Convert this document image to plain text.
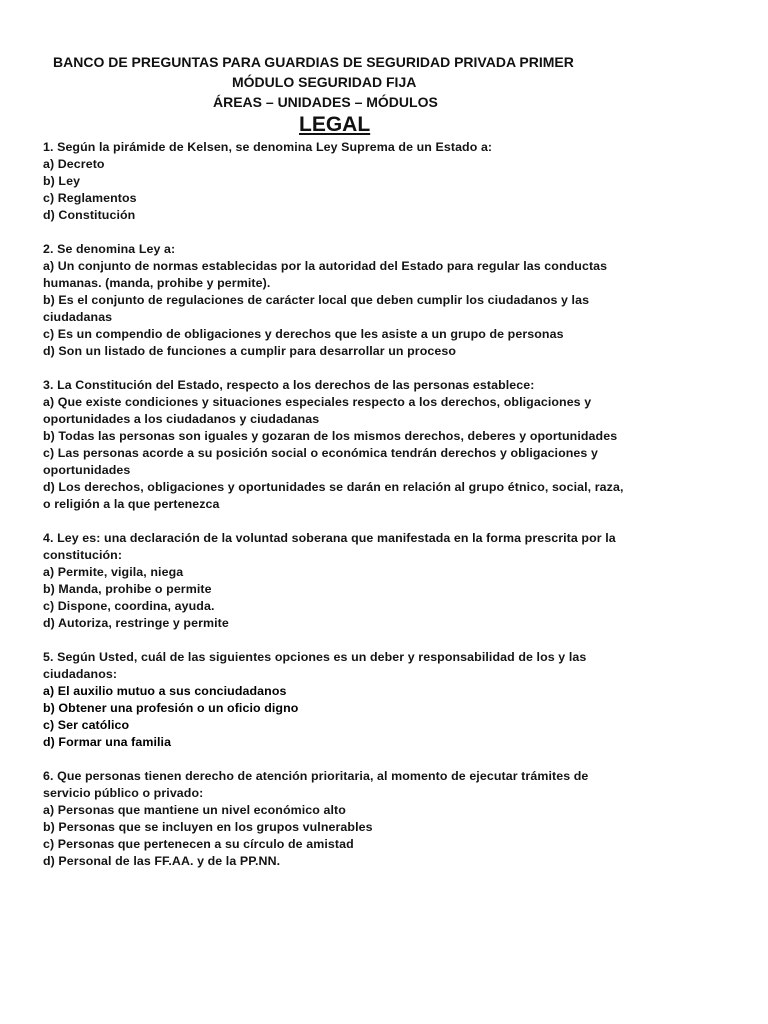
BANCO DE PREGUNTAS PARA GUARDIAS DE SEGURIDAD PRIVADA PRIMER
MÓDULO SEGURIDAD FIJA
ÁREAS – UNIDADES – MÓDULOS
LEGAL
1. Según la pirámide de Kelsen, se denomina Ley Suprema de un Estado a:
a) Decreto
b) Ley
c) Reglamentos
d) Constitución
2. Se denomina Ley a:
a) Un conjunto de normas establecidas por la autoridad del Estado para regular las conductas humanas. (manda, prohibe y permite).
b) Es el conjunto de regulaciones de carácter local que deben cumplir los ciudadanos y las ciudadanas
c) Es un compendio de obligaciones y derechos que les asiste a un grupo de personas
d) Son un listado de funciones a cumplir para desarrollar un proceso
3. La Constitución del Estado, respecto a los derechos de las personas establece:
a) Que existe condiciones y situaciones especiales respecto a los derechos, obligaciones y oportunidades a los ciudadanos y ciudadanas
b) Todas las personas son iguales y gozaran de los mismos derechos, deberes y oportunidades
c) Las personas acorde a su posición social o económica tendrán derechos y obligaciones y oportunidades
d) Los derechos, obligaciones y oportunidades se darán en relación al grupo étnico, social, raza, o religión a la que pertenezca
4. Ley es: una declaración de la voluntad soberana que manifestada en la forma prescrita por la constitución:
a) Permite, vigila, niega
b) Manda, prohibe o permite
c) Dispone, coordina, ayuda.
d) Autoriza, restringe y permite
5. Según Usted, cuál de las siguientes opciones es un deber y responsabilidad de los y las ciudadanos:
a) El auxilio mutuo a sus conciudadanos
b) Obtener una profesión o un oficio digno
c) Ser católico
d) Formar una familia
6. Que personas tienen derecho de atención prioritaria, al momento de ejecutar trámites de servicio público o privado:
a) Personas que mantiene un nivel económico alto
b) Personas que se incluyen en los grupos vulnerables
c) Personas que pertenecen a su círculo de amistad
d) Personal de las FF.AA. y de la PP.NN.
